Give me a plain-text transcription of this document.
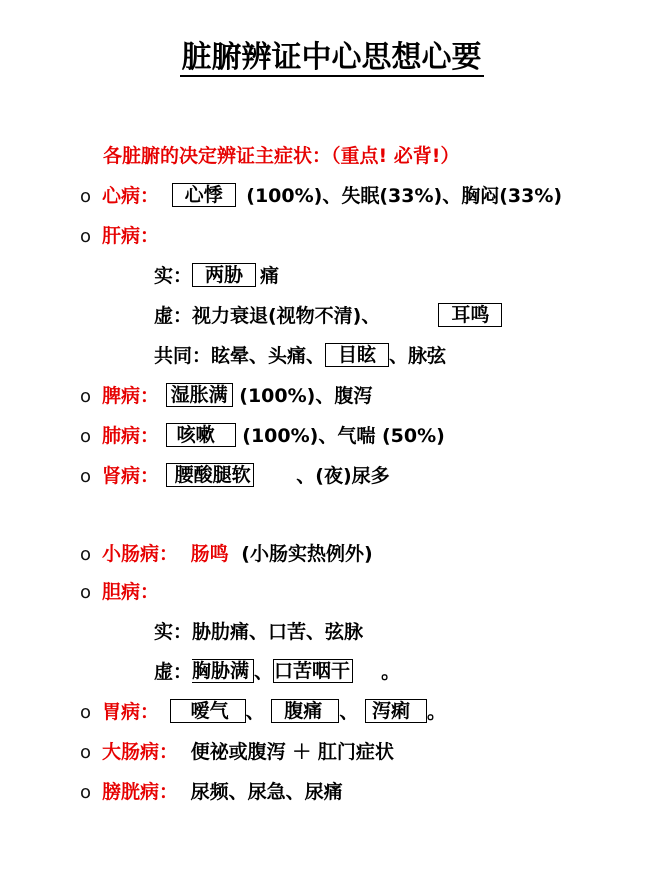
脏腑辨证中心思想心要
各脏腑的决定辨证主症状：（重点! 必背!）
o 心病： 心悸 (100%)、失眠(33%)、胸闷(33%)
o 肝病：
实： 两胁 痛
虚：视力衰退(视物不清)、	耳鸣
共同：眩晕、头痛、 目眩 、脉弦
o 脾病： 湿胀满 (100%)、腹泻
o 肺病： 咳嗽 (100%)、气喘 (50%)
o 肾病： 腰酸腿软 、(夜)尿多
o 小肠病： 肠鸣 (小肠实热例外)
o 胆病：
实：胁肋痛、口苦、弦脉
虚：胸胁满 、口苦咽干 。
o 胃病： 嗳气 、 腹痛 、 泻痢 。
o 大肠病： 便祕或腹泻 ＋ 肛门症状
o 膀胱病： 尿频、尿急、尿痛
